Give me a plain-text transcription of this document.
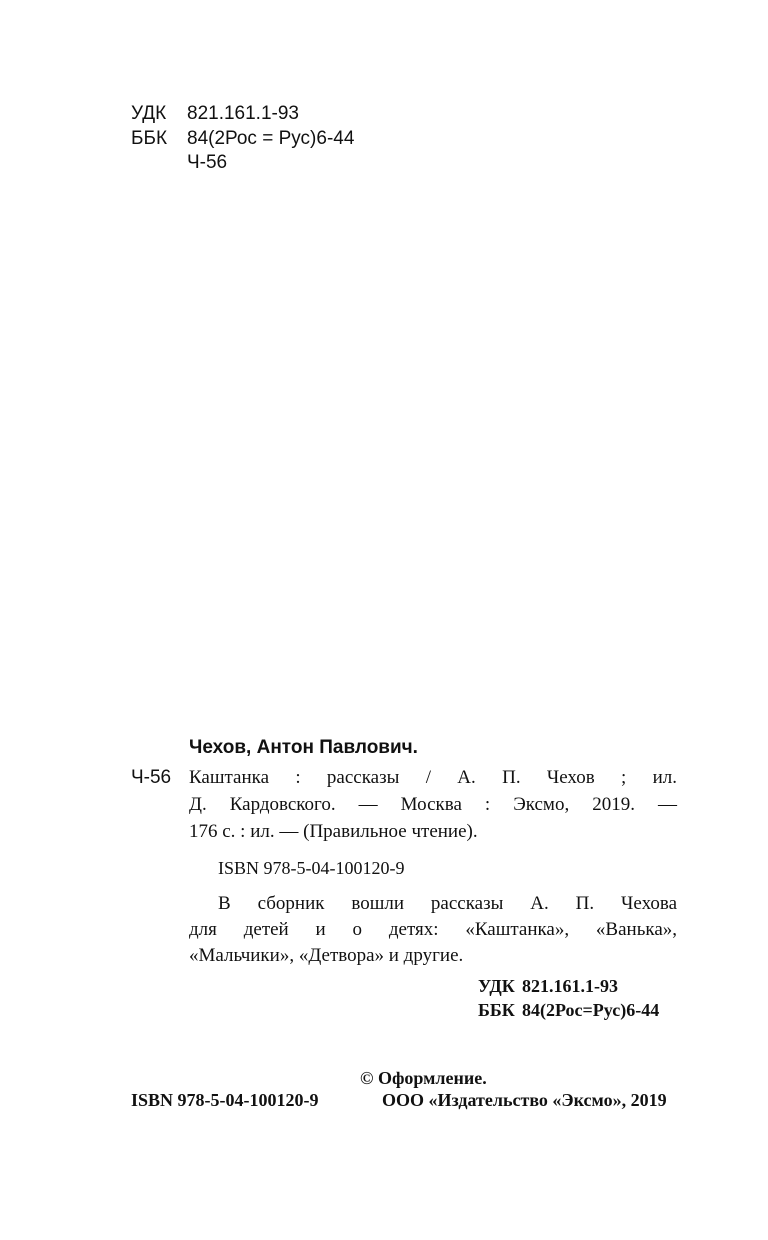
УДК 821.161.1-93
ББК 84(2Рос = Рус)6-44
Ч-56
Чехов, Антон Павлович.
Ч-56 Каштанка : рассказы / А. П. Чехов ; ил.
Д. Кардовского. — Москва : Эксмо, 2019. —
176 с. : ил. — (Правильное чтение).
ISBN 978-5-04-100120-9
В сборник вошли рассказы А. П. Чехова
для детей и о детях: «Каштанка», «Ванька»,
«Мальчики», «Детвора» и другие.
УДК 821.161.1-93
ББК 84(2Рос=Рус)6-44
© Оформление.
ISBN 978-5-04-100120-9	ООО «Издательство «Эксмо», 2019
